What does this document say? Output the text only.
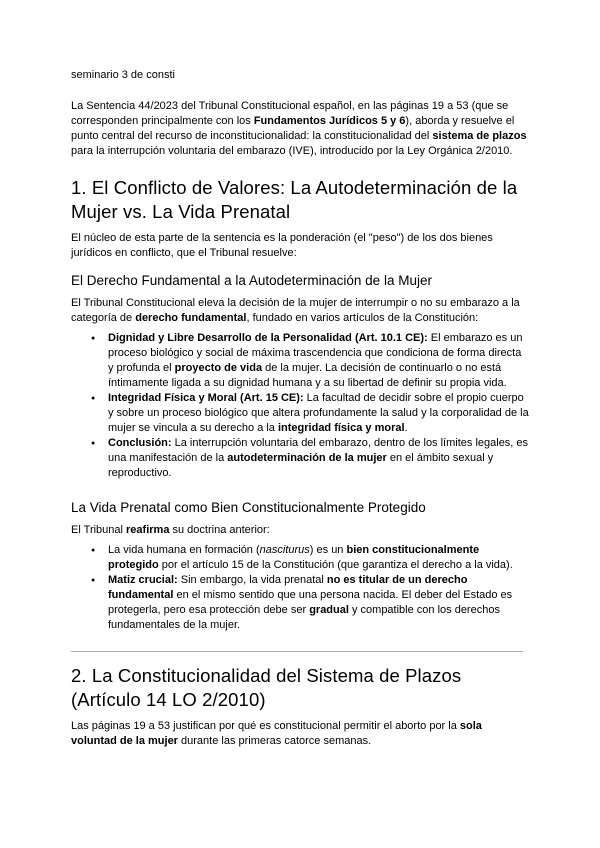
seminario 3 de consti

La Sentencia 44/2023 del Tribunal Constitucional español, en las páginas 19 a 53 (que se corresponden principalmente con los Fundamentos Jurídicos 5 y 6), aborda y resuelve el punto central del recurso de inconstitucionalidad: la constitucionalidad del sistema de plazos para la interrupción voluntaria del embarazo (IVE), introducido por la Ley Orgánica 2/2010.

1. El Conflicto de Valores: La Autodeterminación de la Mujer vs. La Vida Prenatal

El núcleo de esta parte de la sentencia es la ponderación (el "peso") de los dos bienes jurídicos en conflicto, que el Tribunal resuelve:

El Derecho Fundamental a la Autodeterminación de la Mujer

El Tribunal Constitucional eleva la decisión de la mujer de interrumpir o no su embarazo a la categoría de derecho fundamental, fundado en varios artículos de la Constitución:

● Dignidad y Libre Desarrollo de la Personalidad (Art. 10.1 CE): El embarazo es un proceso biológico y social de máxima trascendencia que condiciona de forma directa y profunda el proyecto de vida de la mujer. La decisión de continuarlo o no está íntimamente ligada a su dignidad humana y a su libertad de definir su propia vida.
● Integridad Física y Moral (Art. 15 CE): La facultad de decidir sobre el propio cuerpo y sobre un proceso biológico que altera profundamente la salud y la corporalidad de la mujer se vincula a su derecho a la integridad física y moral.
● Conclusión: La interrupción voluntaria del embarazo, dentro de los límites legales, es una manifestación de la autodeterminación de la mujer en el ámbito sexual y reproductivo.
La Vida Prenatal como Bien Constitucionalmente Protegido

El Tribunal reafirma su doctrina anterior:

● La vida humana en formación (nasciturus) es un bien constitucionalmente protegido por el artículo 15 de la Constitución (que garantiza el derecho a la vida).
● Matiz crucial: Sin embargo, la vida prenatal no es titular de un derecho fundamental en el mismo sentido que una persona nacida. El deber del Estado es protegerla, pero esa protección debe ser gradual y compatible con los derechos fundamentales de la mujer.
2. La Constitucionalidad del Sistema de Plazos (Artículo 14 LO 2/2010)

Las páginas 19 a 53 justifican por qué es constitucional permitir el aborto por la sola voluntad de la mujer durante las primeras catorce semanas.
